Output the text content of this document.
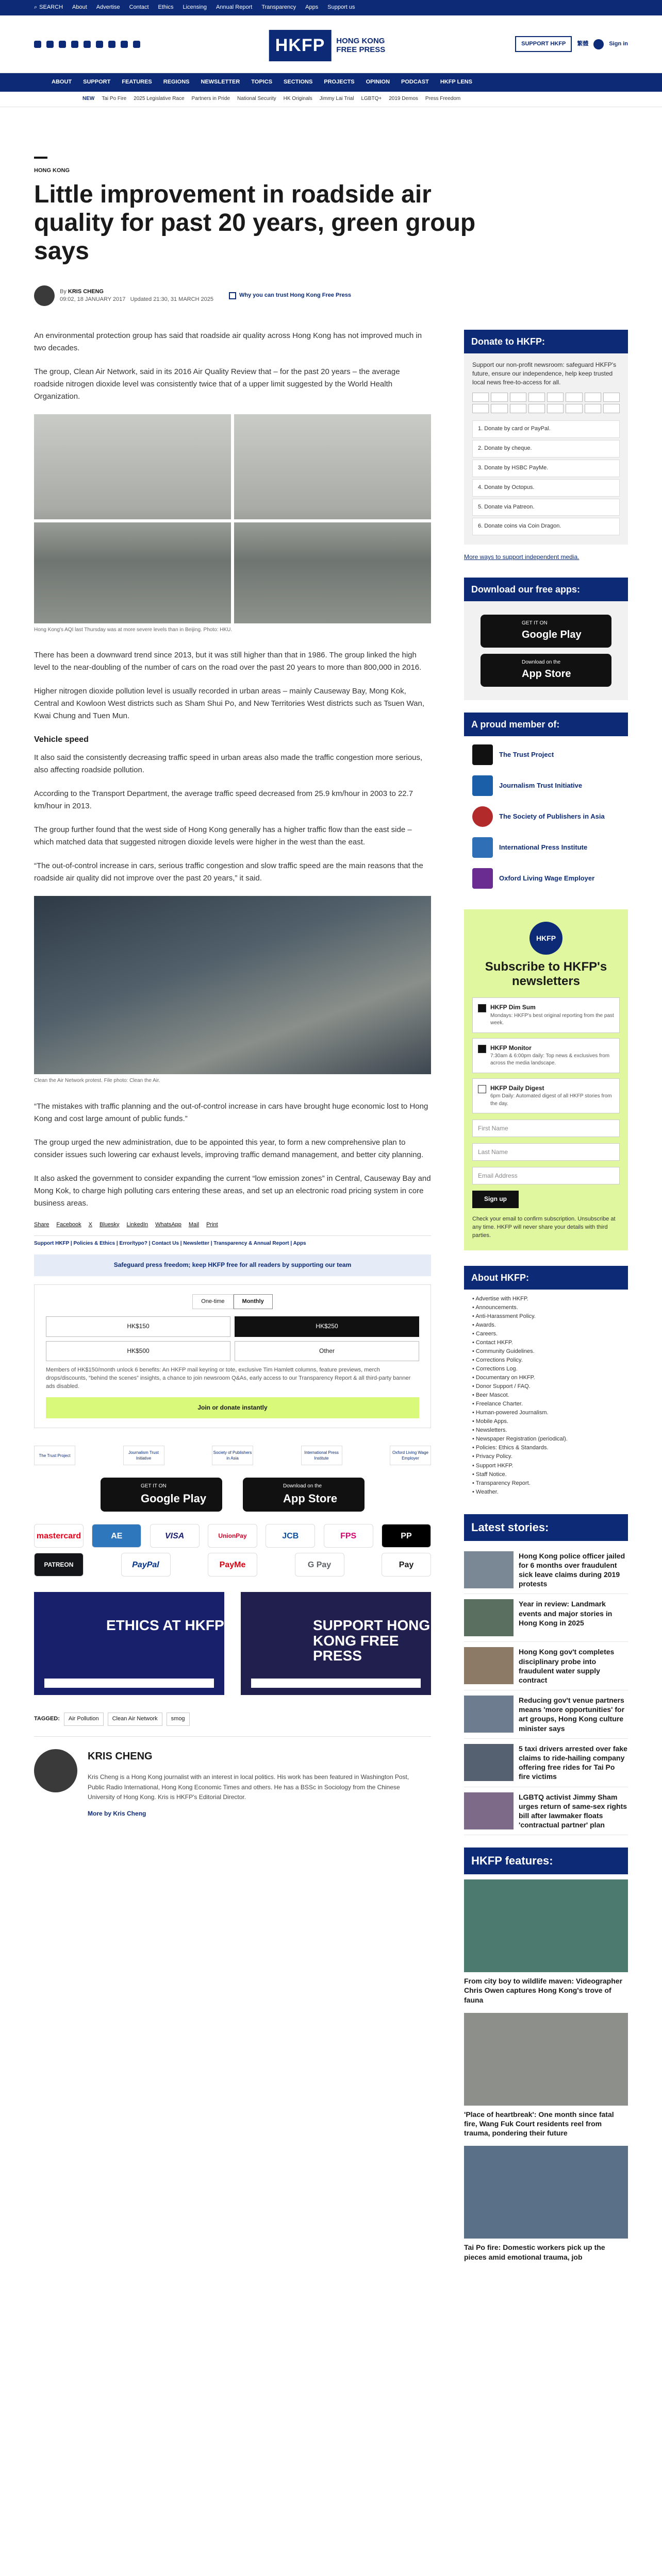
⌕ SEARCH About Advertise Contact Ethics Licensing Annual Report Transparency Apps Support us
HKFP	HONG KONG FREE PRESS
SUPPORT HKFP	繁體	Sign in
ABOUT SUPPORT FEATURES REGIONS NEWSLETTER TOPICS SECTIONS PROJECTS OPINION PODCAST HKFP LENS
NEW Tai Po Fire 2025 Legislative Race Partners in Pride National Security HK Originals Jimmy Lai Trial LGBTQ+ 2019 Demos Press Freedom
HONG KONG
Little improvement in roadside air quality for past 20 years, green group says
By KRIS CHENG
09:02, 18 JANUARY 2017 Updated 21:30, 31 MARCH 2025
Why you can trust Hong Kong Free Press

An environmental protection group has said that roadside air quality across Hong Kong has not improved much in two decades.

The group, Clean Air Network, said in its 2016 Air Quality Review that – for the past 20 years – the average roadside nitrogen dioxide level was consistently twice that of a upper limit suggested by the World Health Organization.

Hong Kong's AQI last Thursday was at more severe levels than in Beijing. Photo: HKU.

There has been a downward trend since 2013, but it was still higher than that in 1986. The group linked the high level to the near-doubling of the number of cars on the road over the past 20 years to more than 800,000 in 2016.

Higher nitrogen dioxide pollution level is usually recorded in urban areas – mainly Causeway Bay, Mong Kok, Central and Kowloon West districts such as Sham Shui Po, and New Territories West districts such as Tsuen Wan, Kwai Chung and Tuen Mun.

Vehicle speed

It also said the consistently decreasing traffic speed in urban areas also made the traffic congestion more serious, also affecting roadside pollution.

According to the Transport Department, the average traffic speed decreased from 25.9 km/hour in 2003 to 22.7 km/hour in 2013.

The group further found that the west side of Hong Kong generally has a higher traffic flow than the east side – which matched data that suggested nitrogen dioxide levels were higher in the west than the east.

“The out-of-control increase in cars, serious traffic congestion and slow traffic speed are the main reasons that the roadside air quality did not improve over the past 20 years,” it said.

Clean the Air Network protest. File photo: Clean the Air.

“The mistakes with traffic planning and the out-of-control increase in cars have brought huge economic lost to Hong Kong and cost large amount of public funds.”

The group urged the new administration, due to be appointed this year, to form a new comprehensive plan to consider issues such lowering car exhaust levels, improving traffic demand management, and better city planning.

It also asked the government to consider expanding the current “low emission zones” in Central, Causeway Bay and Mong Kok, to charge high polluting cars entering these areas, and set up an electronic road pricing system in core business areas.

Share Facebook X Bluesky LinkedIn WhatsApp Mail Print
Support HKFP | Policies & Ethics | Error/typo? | Contact Us | Newsletter | Transparency & Annual Report | Apps
Safeguard press freedom; keep HKFP free for all readers by supporting our team
One-time	Monthly
HK$150	HK$250
HK$500	Other
Members of HK$150/month unlock 6 benefits: An HKFP mail keyring or tote, exclusive Tim Hamlett columns, feature previews, merch drops/discounts, “behind the scenes” insights, a chance to join newsroom Q&As, early access to our Transparency Report & all third-party banner ads disabled.
Join or donate instantly
The Trust Project
Journalism Trust Initiative
Society of Publishers in Asia
International Press Institute
Oxford Living Wage Employer
GET IT ON
Google Play
Download on the
App Store
mastercard	AE	VISA	UnionPay	JCB	FPS	PP
PATREON	PayPal	PayMe	G Pay	Pay
ETHICS AT HKFP	SUPPORT HONG KONG FREE PRESS
TAGGED:	Air Pollution	Clean Air Network	smog
KRIS CHENG
Kris Cheng is a Hong Kong journalist with an interest in local politics. His work has been featured in Washington Post, Public Radio International, Hong Kong Economic Times and others. He has a BSSc in Sociology from the Chinese University of Hong Kong. Kris is HKFP's Editorial Director.
More by Kris Cheng
Donate to HKFP:
Support our non-profit newsroom: safeguard HKFP's future, ensure our independence, help keep trusted local news free-to-access for all.
1. Donate by card or PayPal.
2. Donate by cheque.
3. Donate by HSBC PayMe.
4. Donate by Octopus.
5. Donate via Patreon.
6. Donate coins via Coin Dragon.
More ways to support independent media.
Download our free apps:
GET IT ON
Google Play
Download on the
App Store
A proud member of:
The Trust Project
Journalism Trust Initiative
The Society of Publishers in Asia
International Press Institute
Oxford Living Wage Employer
HKFP
Subscribe to HKFP's newsletters
HKFP Dim Sum
Mondays: HKFP's best original reporting from the past week.
HKFP Monitor
7:30am & 6:00pm daily: Top news & exclusives from across the media landscape.
HKFP Daily Digest
6pm Daily: Automated digest of all HKFP stories from the day.
First Name
Last Name
Email Address
Sign up
Check your email to confirm subscription. Unsubscribe at any time. HKFP will never share your details with third parties.
About HKFP:
• Advertise with HKFP.
• Announcements.
• Anti-Harassment Policy.
• Awards.
• Careers.
• Contact HKFP.
• Community Guidelines.
• Corrections Policy.
• Corrections Log.
• Documentary on HKFP.
• Donor Support / FAQ.
• Beer Mascot.
• Freelance Charter.
• Human-powered Journalism.
• Mobile Apps.
• Newsletters.
• Newspaper Registration (periodical).
• Policies: Ethics & Standards.
• Privacy Policy.
• Support HKFP.
• Staff Notice.
• Transparency Report.
• Weather.
Latest stories:
Hong Kong police officer jailed for 6 months over fraudulent sick leave claims during 2019 protests
Year in review: Landmark events and major stories in Hong Kong in 2025
Hong Kong gov't completes disciplinary probe into fraudulent water supply contract
Reducing gov't venue partners means 'more opportunities' for art groups, Hong Kong culture minister says
5 taxi drivers arrested over fake claims to ride-hailing company offering free rides for Tai Po fire victims
LGBTQ activist Jimmy Sham urges return of same-sex rights bill after lawmaker floats 'contractual partner' plan
HKFP features:
From city boy to wildlife maven: Videographer Chris Owen captures Hong Kong's trove of fauna
'Place of heartbreak': One month since fatal fire, Wang Fuk Court residents reel from trauma, pondering their future
Tai Po fire: Domestic workers pick up the pieces amid emotional trauma, job
